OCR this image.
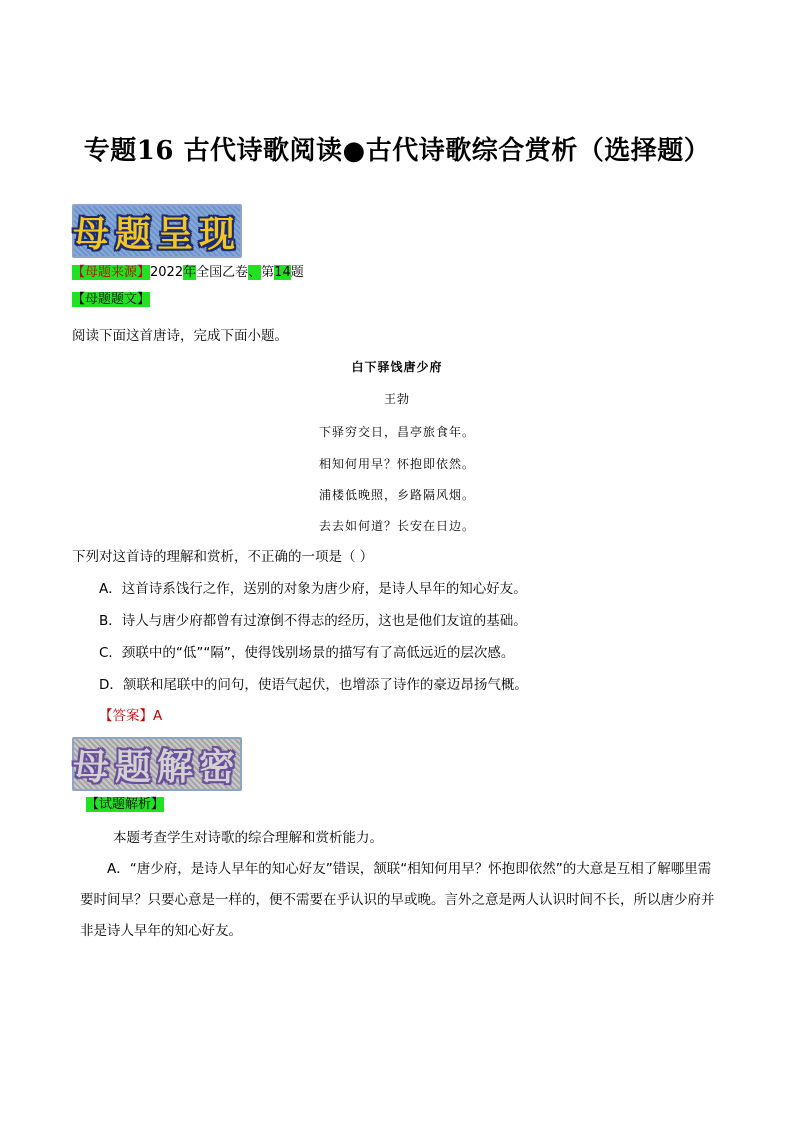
专题16 古代诗歌阅读●古代诗歌综合赏析（选择题）
母题呈现
【母题来源】2022年全国乙卷、第14题
【母题题文】
阅读下面这首唐诗，完成下面小题。
白下驿饯唐少府
王勃
下驿穷交日，昌亭旅食年。
相知何用早？怀抱即依然。
浦楼低晚照，乡路隔风烟。
去去如何道？长安在日边。
下列对这首诗的理解和赏析，不正确的一项是（ ）
A．这首诗系饯行之作，送别的对象为唐少府，是诗人早年的知心好友。
B．诗人与唐少府都曾有过潦倒不得志的经历，这也是他们友谊的基础。
C．颈联中的“低”“隔”，使得饯别场景的描写有了高低远近的层次感。
D．颔联和尾联中的问句，使语气起伏，也增添了诗作的豪迈昂扬气概。
【答案】A
母题解密
【试题解析】
本题考查学生对诗歌的综合理解和赏析能力。
A．“唐少府，是诗人早年的知心好友”错误，颔联“相知何用早？怀抱即依然”的大意是互相了解哪里需要时间早？只要心意是一样的，便不需要在乎认识的早或晚。言外之意是两人认识时间不长，所以唐少府并非是诗人早年的知心好友。
